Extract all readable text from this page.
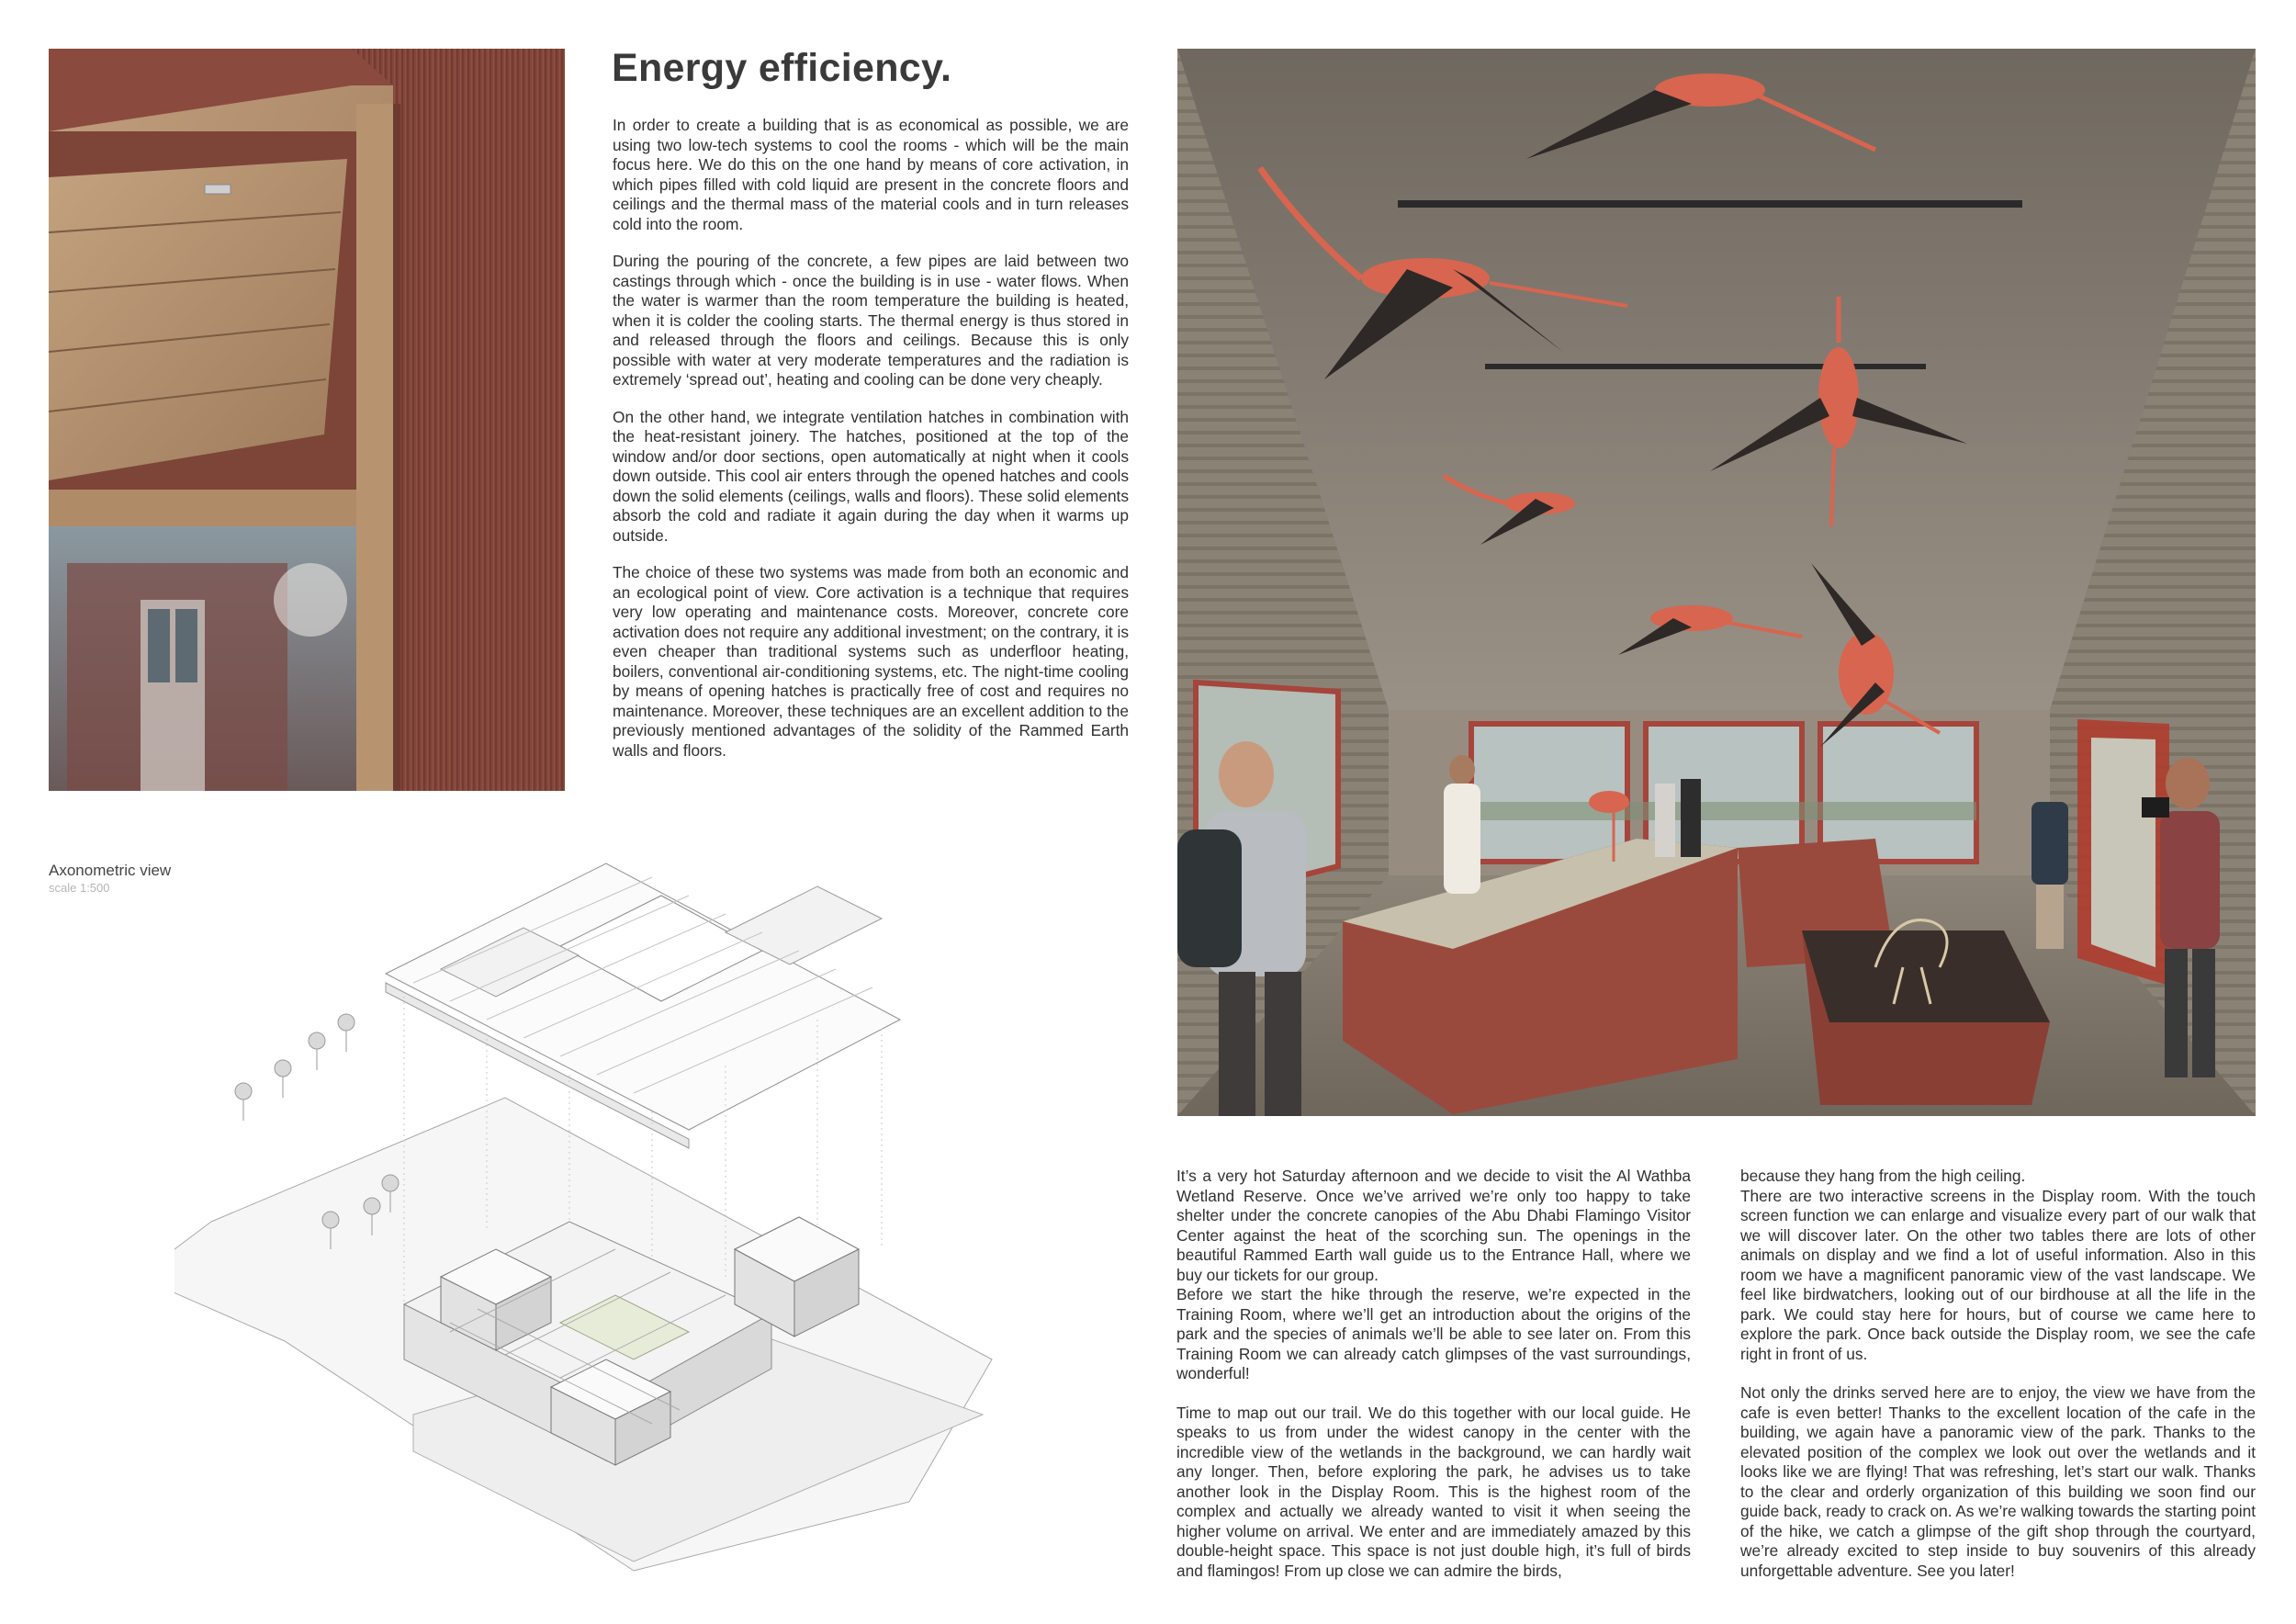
Energy efficiency.

In order to create a building that is as economical as possible, we are using two low-tech systems to cool the rooms - which will be the main focus here. We do this on the one hand by means of core activation, in which pipes filled with cold liquid are present in the concrete floors and ceilings and the thermal mass of the material cools and in turn releases cold into the room.

During the pouring of the concrete, a few pipes are laid between two castings through which - once the building is in use - water flows. When the water is warmer than the room temperature the building is heated, when it is colder the cooling starts. The thermal energy is thus stored in and released through the floors and ceilings. Because this is only possible with water at very moderate temperatures and the radiation is extremely ‘spread out’, heating and cooling can be done very cheaply.

On the other hand, we integrate ventilation hatches in combination with the heat-resistant joinery. The hatches, positioned at the top of the window and/or door sections, open automatically at night when it cools down outside. This cool air enters through the opened hatches and cools down the solid elements (ceilings, walls and floors). These solid elements absorb the cold and radiate it again during the day when it warms up outside.

The choice of these two systems was made from both an economic and an ecological point of view. Core activation is a technique that requires very low operating and maintenance costs. Moreover, concrete core activation does not require any additional investment; on the contrary, it is even cheaper than traditional systems such as underfloor heating, boilers, conventional air-conditioning systems, etc. The night-time cooling by means of opening hatches is practically free of cost and requires no maintenance. Moreover, these techniques are an excellent addition to the previously mentioned advantages of the solidity of the Rammed Earth walls and floors.

Axonometric view
scale 1:500

It’s a very hot Saturday afternoon and we decide to visit the Al Wathba Wetland Reserve. Once we’ve arrived we’re only too happy to take shelter under the concrete canopies of the Abu Dhabi Flamingo Visitor Center against the heat of the scorching sun. The openings in the beautiful Rammed Earth wall guide us to the Entrance Hall, where we buy our tickets for our group.
Before we start the hike through the reserve, we’re expected in the Training Room, where we’ll get an introduction about the origins of the park and the species of animals we’ll be able to see later on. From this Training Room we can already catch glimpses of the vast surroundings, wonderful!

Time to map out our trail. We do this together with our local guide. He speaks to us from under the widest canopy in the center with the incredible view of the wetlands in the background, we can hardly wait any longer. Then, before exploring the park, he advises us to take another look in the Display Room. This is the highest room of the complex and actually we already wanted to visit it when seeing the higher volume on arrival. We enter and are immediately amazed by this double-height space. This space is not just double high, it’s full of birds and flamingos! From up close we can admire the birds,

because they hang from the high ceiling.
There are two interactive screens in the Display room. With the touch screen function we can enlarge and visualize every part of our walk that we will discover later. On the other two tables there are lots of other animals on display and we find a lot of useful information. Also in this room we have a magnificent panoramic view of the vast landscape. We feel like birdwatchers, looking out of our birdhouse at all the life in the park. We could stay here for hours, but of course we came here to explore the park. Once back outside the Display room, we see the cafe right in front of us.

Not only the drinks served here are to enjoy, the view we have from the cafe is even better! Thanks to the excellent location of the cafe in the building, we again have a panoramic view of the park. Thanks to the elevated position of the complex we look out over the wetlands and it looks like we are flying! That was refreshing, let’s start our walk. Thanks to the clear and orderly organization of this building we soon find our guide back, ready to crack on. As we’re walking towards the starting point of the hike, we catch a glimpse of the gift shop through the courtyard, we’re already excited to step inside to buy souvenirs of this already unforgettable adventure. See you later!
